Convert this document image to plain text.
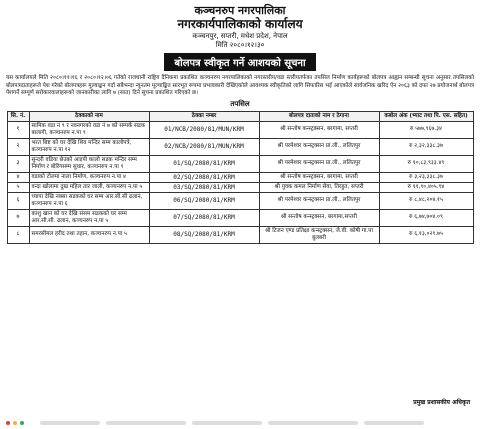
कञ्चनरुप नगरपालिका
नगरकार्यपालिकाको कार्यालय
कञ्चनपुर, सप्तरी, मधेश प्रदेश, नेपाल
मिति २०८०।१२।३०
बोलपत्र स्वीकृत गर्ने आशयको सूचना
यस कार्यालयले मिति २०८०।११।१६ र २०८०।१२।०६ गतेको राजधानी राष्ट्रिय दैनिकमा प्रकाशित कञ्चनरुप नगरपालिकाको नगरस्तरीय/वडा स्तरीयतर्फका तपसिल निर्माण कार्यहरूको बोलपत्र आह्वान सम्बन्धी सूचना अनुसार तपसिलको बोलपत्रदाताहरूले पेश गरेको बोलपत्रहरू मूल्याङ्कन गर्दा सबैभन्दा न्यूनतम मूल्याङ्कित सारभूत रूपमा प्रभावकारी देखिएकोले आवश्यक स्वीकृतिको लागि सिफारिस भई आएकोले सार्वजनिक खरिद ऐन २०६३ को दफा २७ प्रयोजनार्थ बोलपत्र पेशगर्ने सम्पूर्ण सरोकारवालाहरूको जानकारीका लागि ७ (सात) दिने सूचना प्रकाशित गरिएको छ।
तपसिल
सि. नं.	ठेक्काको नाम	ठेक्का नम्बर	बोलपत्र दाताको नाम र ठेगाना	कबोल अंक (भ्याट तथा पि. एस. सहित)
१	सामिक वडा नं ९ र नवनगरको वडा नं ७ को सम्पर्क सडक बालागी, कञ्चनरुप न.पा ९	01/NCB/2080/81/MUN/KRM	श्री सन्तोष कन्स्ट्रक्सन, बरगामा, सप्तरी	रु ५७७,९६७.३४
२	भरत बिष्ट को घर देखि शिव मन्दिर सम्म कालोपत्रे, कञ्चनरुप न.पा १२	02/NCB/2080/81/MUN/KRM	श्री परमेश्वर कन्स्ट्रक्सन प्रा.ली., ललितपुर	रु २,३२,३३८.३७
३	सुन्दरी वडिया छेउको आइपी कालो सडक मन्दिर सम्म निर्माण र बोरिंगसम्म सुधार, कञ्चनरुप न.पा ९	01/SQ/2080/81/KRM	श्री परमेश्वर कन्स्ट्रक्सन प्रा.ली., ललितपुर	रु १०,८३,९३३.४९
४	वडाको टोलमा नाला निर्माण, कञ्चनरुप न.पा ४	02/SQ/2080/81/KRM	श्री सन्तोष कन्स्ट्रक्सन, बरगामा, सप्तरी	रु ३,२३,३३८.३७
५	वन्दा खोलामा दुख महिल तार जाली, कञ्चनरुप न.पा ५	03/SQ/2080/81/KRM	श्री युवक कमल निर्माण सेवा, तिरहुत, सप्तरी	रु ११,९०,४०५.९४
६	च्यापा देखि नक्सा सडकको घर सम्म आर.सी.सी ढलान, कञ्चनरुप न.पा ६	06/SQ/2080/81/KRM	श्री परमेश्वर कन्स्ट्रक्सन प्रा.ली., ललितपुर	रु ८,४८,२०४.१५
७	काशु खान को घर देखि संसम सडकको घर सम्म आर.सी.सी. ढलान, कञ्चनरुप न.पा ५	07/SQ/2080/81/KRM	श्री सन्तोष कन्स्ट्रक्सन, बरगामा,सप्तरी	रु ६,७४,७०४.०९
८	समरसीमल हरीद तथा तहान, कञ्चनरुप न.पा ५	08/SQ/2080/81/KRM	श्री टिजन एण्ड प्रतिक्षा कन्स्ट्रक्सन, जे.वी. कोषी गा.पा बुलबरी	रु ६,१३,०२९.७५
प्रमुख प्रशासकीय अधिकृत
